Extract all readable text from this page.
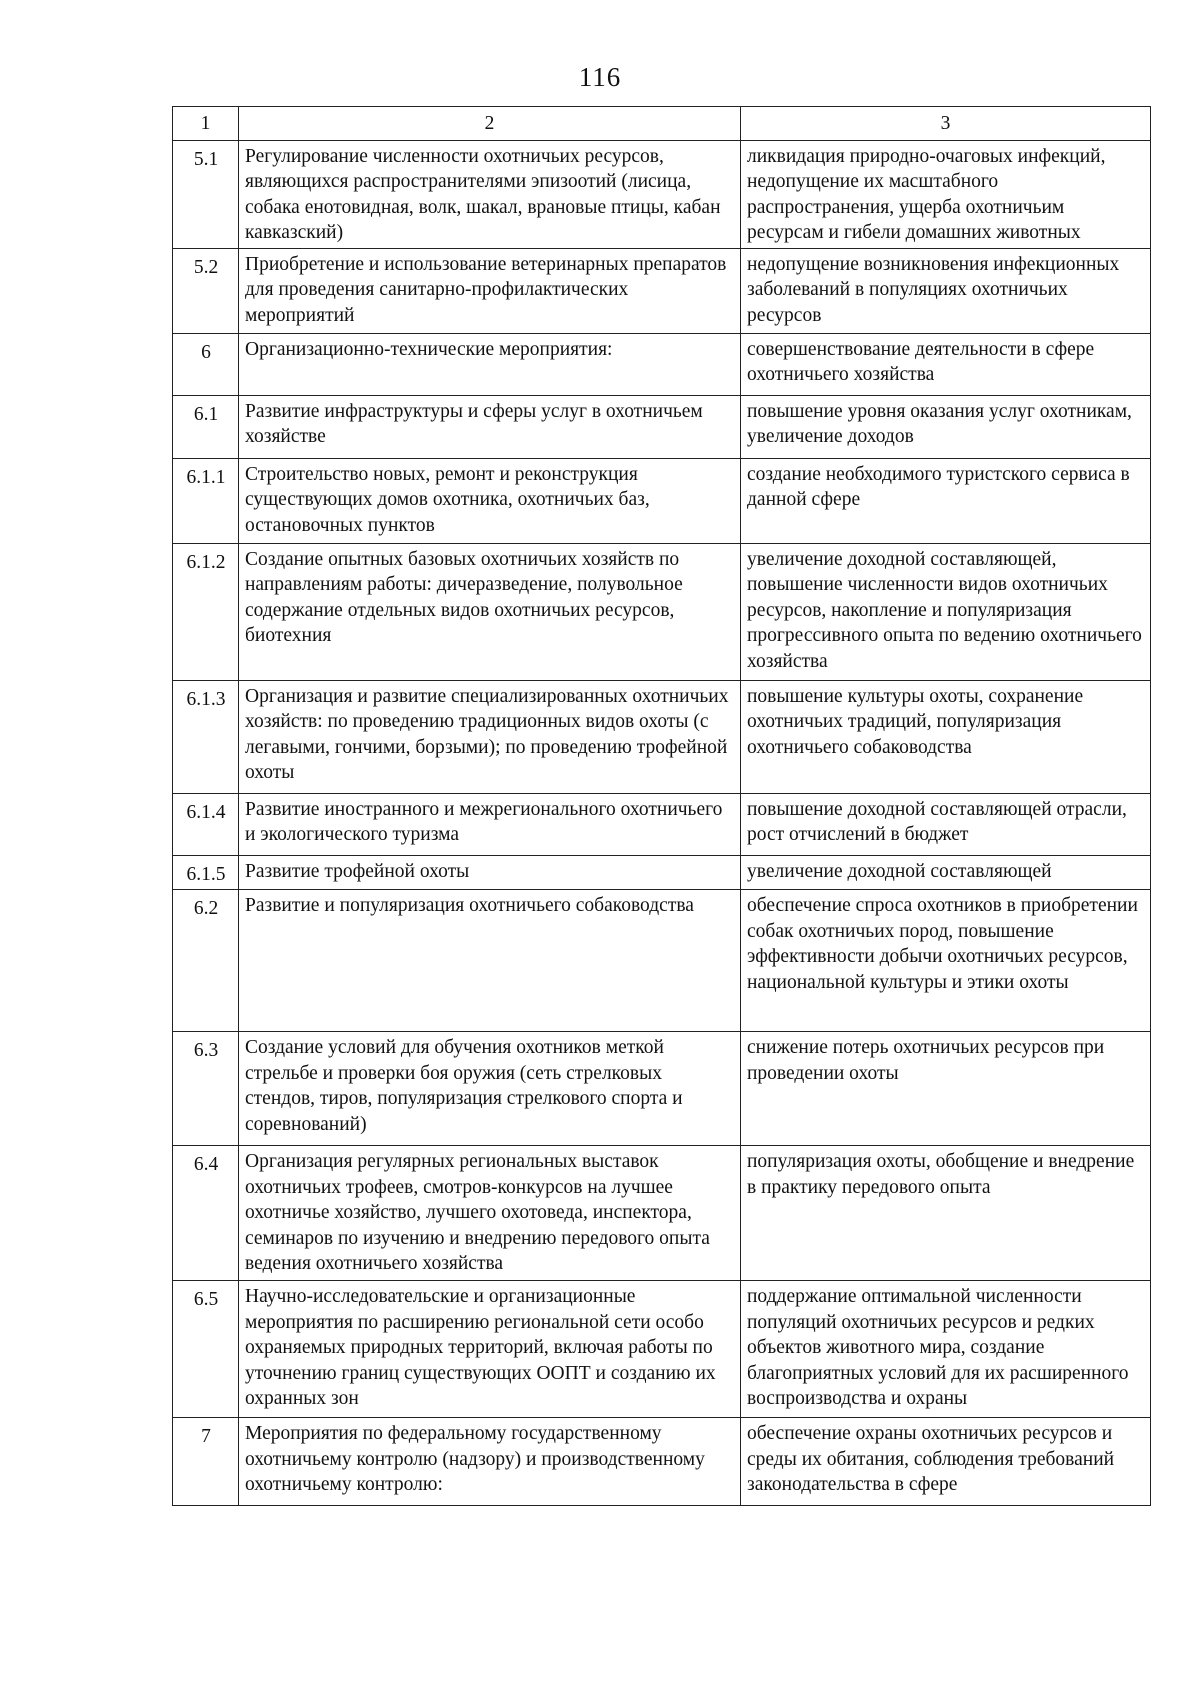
116
1	2	3
5.1	Регулирование численности охотничьих ресурсов, являющихся распространителями эпизоотий (лисица, собака енотовидная, волк, шакал, врановые птицы, кабан кавказский)	ликвидация природно-очаговых инфекций, недопущение их масштабного распространения, ущерба охотничьим ресурсам и гибели домашних животных
5.2	Приобретение и использование ветеринарных препаратов для проведения санитарно-профилактических мероприятий	недопущение возникновения инфекционных заболеваний в популяциях охотничьих ресурсов
6	Организационно-технические мероприятия:	совершенствование деятельности в сфере охотничьего хозяйства
6.1	Развитие инфраструктуры и сферы услуг в охотничьем хозяйстве	повышение уровня оказания услуг охотникам, увеличение доходов
6.1.1	Строительство новых, ремонт и реконструкция существующих домов охотника, охотничьих баз, остановочных пунктов	создание необходимого туристского сервиса в данной сфере
6.1.2	Создание опытных базовых охотничьих хозяйств по направлениям работы: дичеразведение, полувольное содержание отдельных видов охотничьих ресурсов, биотехния	увеличение доходной составляющей, повышение численности видов охотничьих ресурсов, накопление и популяризация прогрессивного опыта по ведению охотничьего хозяйства
6.1.3	Организация и развитие специализированных охотничьих хозяйств: по проведению традиционных видов охоты (с легавыми, гончими, борзыми); по проведению трофейной охоты	повышение культуры охоты, сохранение охотничьих традиций, популяризация охотничьего собаководства
6.1.4	Развитие иностранного и межрегионального охотничьего и экологического туризма	повышение доходной составляющей отрасли, рост отчислений в бюджет
6.1.5	Развитие трофейной охоты	увеличение доходной составляющей
6.2	Развитие и популяризация охотничьего собаководства	обеспечение спроса охотников в приобретении собак охотничьих пород, повышение эффективности добычи охотничьих ресурсов, национальной культуры и этики охоты
6.3	Создание условий для обучения охотников меткой стрельбе и проверки боя оружия (сеть стрелковых стендов, тиров, популяризация стрелкового спорта и соревнований)	снижение потерь охотничьих ресурсов при проведении охоты
6.4	Организация регулярных региональных выставок охотничьих трофеев, смотров-конкурсов на лучшее охотничье хозяйство, лучшего охотоведа, инспектора, семинаров по изучению и внедрению передового опыта ведения охотничьего хозяйства	популяризация охоты, обобщение и внедрение в практику передового опыта
6.5	Научно-исследовательские и организационные мероприятия по расширению региональной сети особо охраняемых природных территорий, включая работы по уточнению границ существующих ООПТ и созданию их охранных зон	поддержание оптимальной численности популяций охотничьих ресурсов и редких объектов животного мира, создание благоприятных условий для их расширенного воспроизводства и охраны
7	Мероприятия по федеральному государственному охотничьему контролю (надзору) и производственному охотничьему контролю:	обеспечение охраны охотничьих ресурсов и среды их обитания, соблюдения требований законодательства в сфере
